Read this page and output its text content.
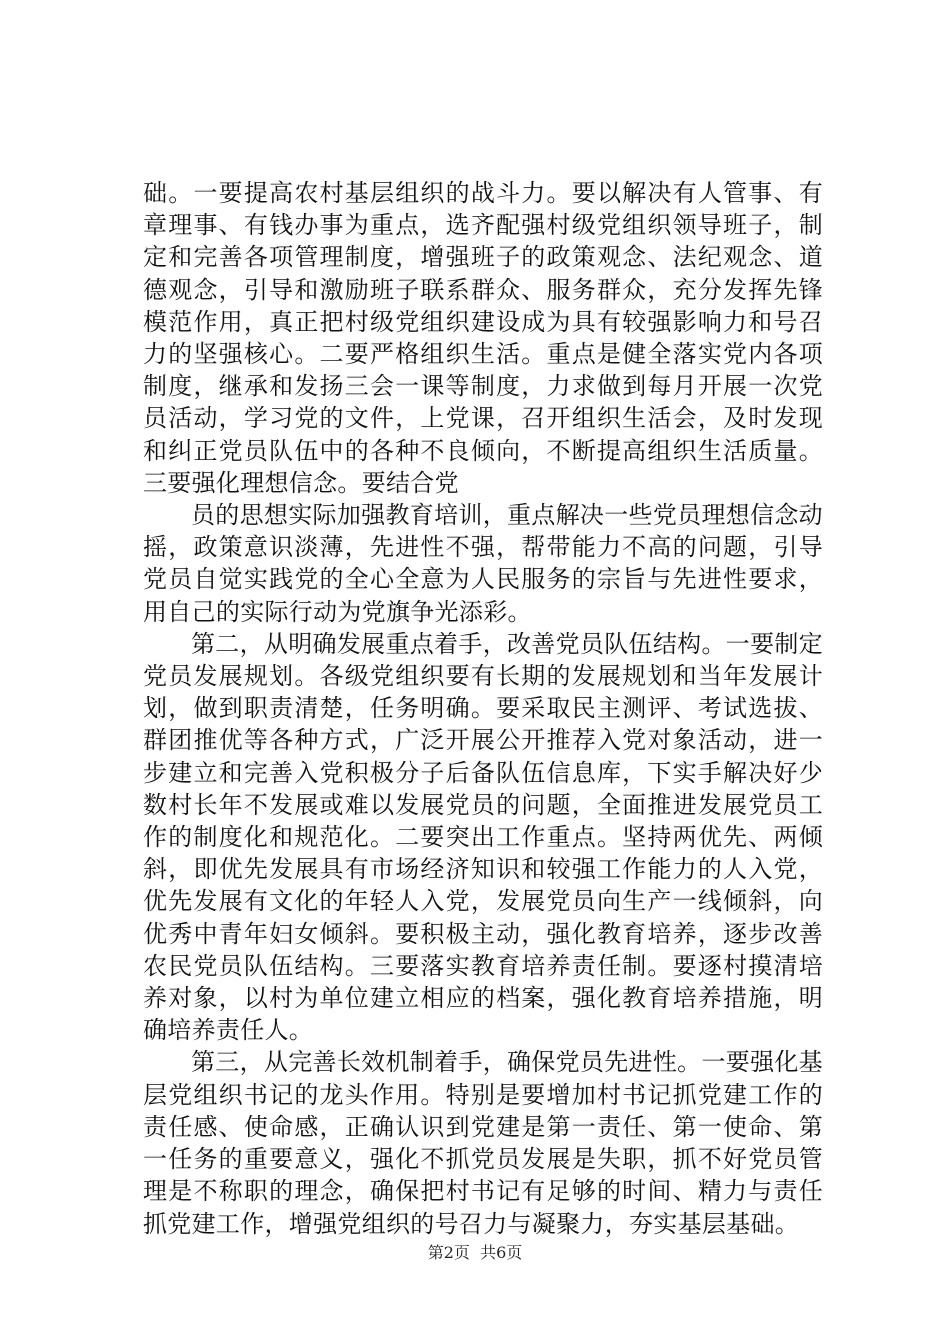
础。一要提高农村基层组织的战斗力。要以解决有人管事、有章理事、有钱办事为重点，选齐配强村级党组织领导班子，制定和完善各项管理制度，增强班子的政策观念、法纪观念、道德观念，引导和激励班子联系群众、服务群众，充分发挥先锋模范作用，真正把村级党组织建设成为具有较强影响力和号召力的坚强核心。二要严格组织生活。重点是健全落实党内各项制度，继承和发扬三会一课等制度，力求做到每月开展一次党员活动，学习党的文件，上党课，召开组织生活会，及时发现和纠正党员队伍中的各种不良倾向，不断提高组织生活质量。三要强化理想信念。要结合党

员的思想实际加强教育培训，重点解决一些党员理想信念动摇，政策意识淡薄，先进性不强，帮带能力不高的问题，引导党员自觉实践党的全心全意为人民服务的宗旨与先进性要求，用自己的实际行动为党旗争光添彩。

第二，从明确发展重点着手，改善党员队伍结构。一要制定党员发展规划。各级党组织要有长期的发展规划和当年发展计划，做到职责清楚，任务明确。要采取民主测评、考试选拔、群团推优等各种方式，广泛开展公开推荐入党对象活动，进一步建立和完善入党积极分子后备队伍信息库，下实手解决好少数村长年不发展或难以发展党员的问题，全面推进发展党员工作的制度化和规范化。二要突出工作重点。坚持两优先、两倾斜，即优先发展具有市场经济知识和较强工作能力的人入党，优先发展有文化的年轻人入党，发展党员向生产一线倾斜，向优秀中青年妇女倾斜。要积极主动，强化教育培养，逐步改善农民党员队伍结构。三要落实教育培养责任制。要逐村摸清培养对象，以村为单位建立相应的档案，强化教育培养措施，明确培养责任人。

第三，从完善长效机制着手，确保党员先进性。一要强化基层党组织书记的龙头作用。特别是要增加村书记抓党建工作的责任感、使命感，正确认识到党建是第一责任、第一使命、第一任务的重要意义，强化不抓党员发展是失职，抓不好党员管理是不称职的理念，确保把村书记有足够的时间、精力与责任抓党建工作，增强党组织的号召力与凝聚力，夯实基层基础。

第2页  共6页
